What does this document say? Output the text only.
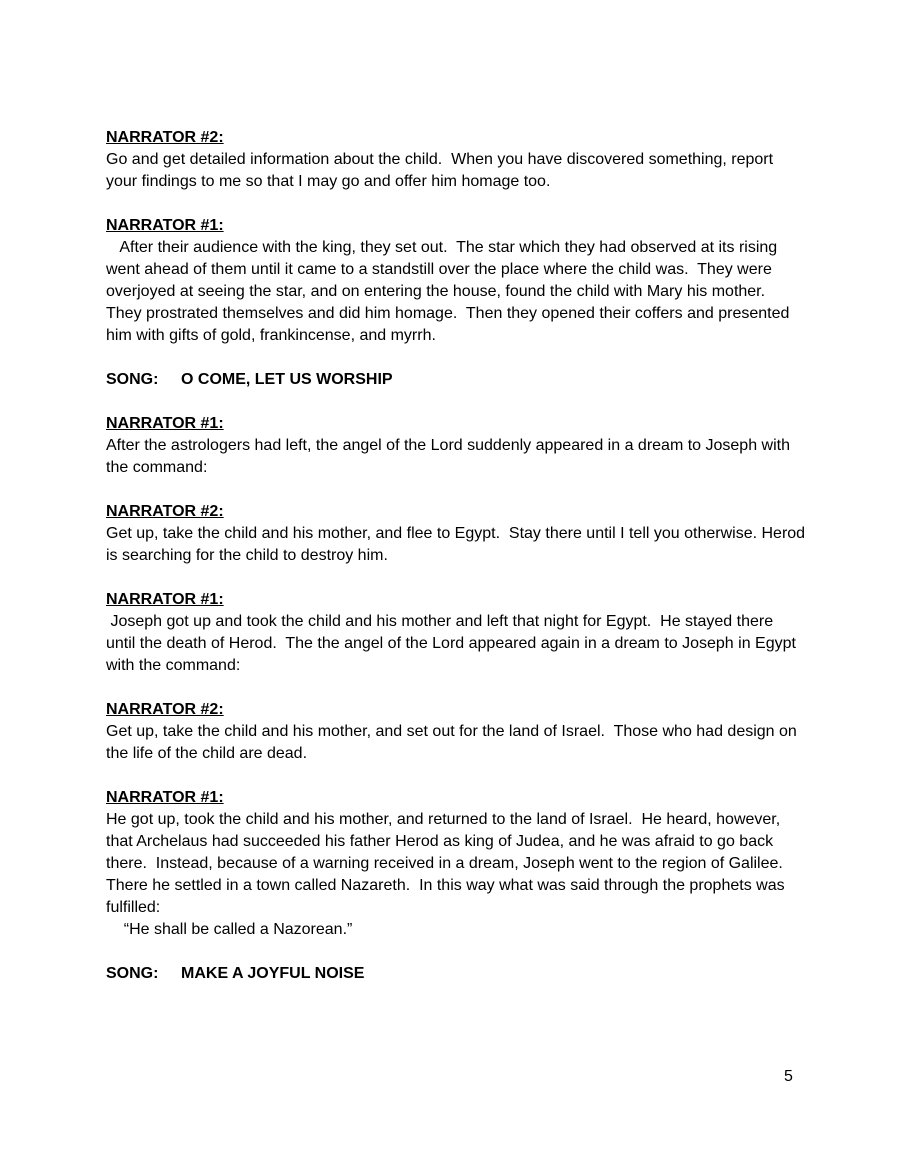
NARRATOR #2:
Go and get detailed information about the child.  When you have discovered something, report your findings to me so that I may go and offer him homage too.
NARRATOR #1:
After their audience with the king, they set out.  The star which they had observed at its rising went ahead of them until it came to a standstill over the place where the child was.  They were overjoyed at seeing the star, and on entering the house, found the child with Mary his mother.  They prostrated themselves and did him homage.  Then they opened their coffers and presented him with gifts of gold, frankincense, and myrrh.
SONG: O COME, LET US WORSHIP
NARRATOR #1:
After the astrologers had left, the angel of the Lord suddenly appeared in a dream to Joseph with the command:
NARRATOR #2:
Get up, take the child and his mother, and flee to Egypt.  Stay there until I tell you otherwise. Herod is searching for the child to destroy him.
NARRATOR #1:
Joseph got up and took the child and his mother and left that night for Egypt.  He stayed there until the death of Herod.  The the angel of the Lord appeared again in a dream to Joseph in Egypt with the command:
NARRATOR #2:
Get up, take the child and his mother, and set out for the land of Israel.  Those who had design on the life of the child are dead.
NARRATOR #1:
He got up, took the child and his mother, and returned to the land of Israel.  He heard, however, that Archelaus had succeeded his father Herod as king of Judea, and he was afraid to go back there.  Instead, because of a warning received in a dream, Joseph went to the region of Galilee. There he settled in a town called Nazareth.  In this way what was said through the prophets was fulfilled:
“He shall be called a Nazorean.”
SONG: MAKE A JOYFUL NOISE
5
